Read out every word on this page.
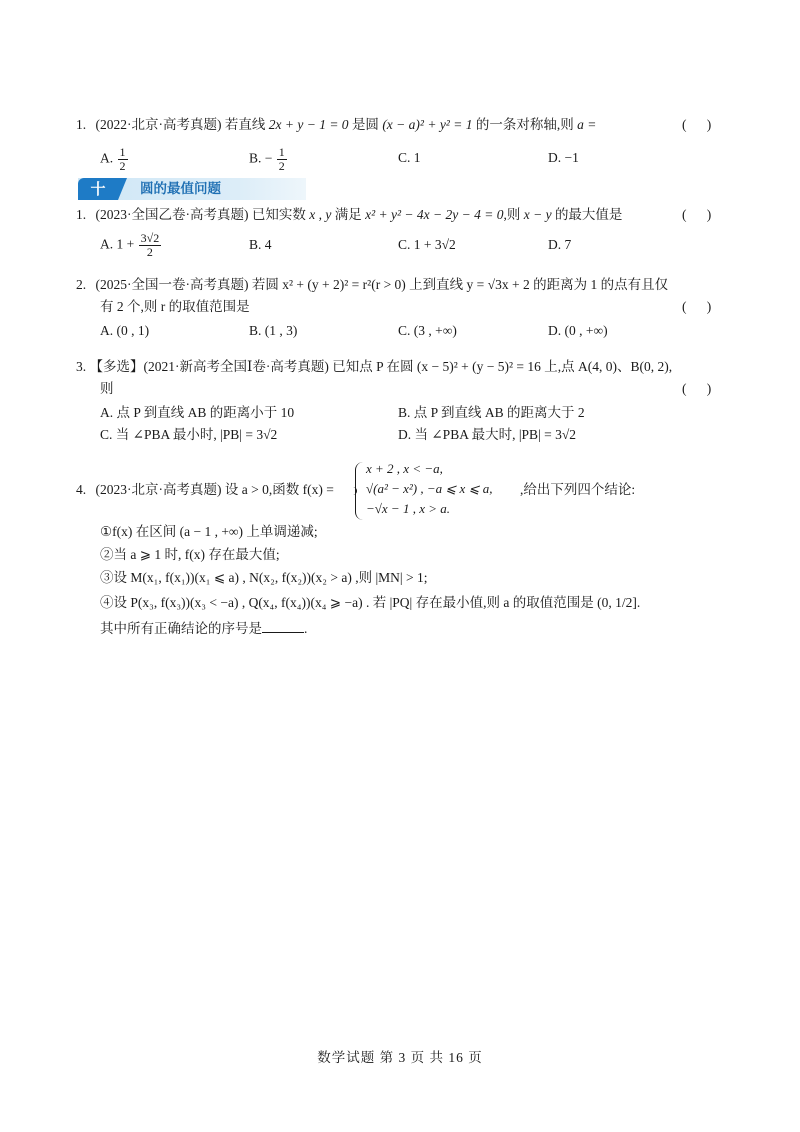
1. (2022·北京·高考真题) 若直线 2x + y − 1 = 0 是圆 (x − a)² + y² = 1 的一条对称轴,则 a =	(      )
A. $\frac{1}{2}$	B. − $\frac{1}{2}$	C. 1	D. −1
十	圆的最值问题
1. (2023·全国乙卷·高考真题) 已知实数 x , y 满足 x² + y² − 4x − 2y − 4 = 0,则 x − y 的最大值是	(      )
A. $1 + \frac{3√2}{2}$	B. 4	C. 1 + 3√2	D. 7
2. (2025·全国一卷·高考真题) 若圆 x² + (y + 2)² = r²(r > 0) 上到直线 y = √3x + 2 的距离为 1 的点有且仅
有 2 个,则 r 的取值范围是	(      )
A. (0 , 1)	B. (1 , 3)	C. (3 , +∞)	D. (0 , +∞)
3. 【多选】(2021·新高考全国Ⅰ卷·高考真题) 已知点 P 在圆 (x − 5)² + (y − 5)² = 16 上,点 A(4, 0)、B(0, 2),
则	(      )
A. 点 P 到直线 AB 的距离小于 10	B. 点 P 到直线 AB 的距离大于 2
C. 当 ∠PBA 最小时, |PB| = 3√2	D. 当 ∠PBA 最大时, |PB| = 3√2
4. (2023·北京·高考真题) 设 a > 0,函数 f(x) =
x + 2 , x < −a,
√(a² − x²) , −a ⩽ x ⩽ a,
−√x − 1 , x > a.
,给出下列四个结论:
①f(x) 在区间 (a − 1 , +∞) 上单调递减;
②当 a ⩾ 1 时, f(x) 存在最大值;
③设 M(x₁, f(x₁))(x₁ ⩽ a) , N(x₂, f(x₂))(x₂ > a) ,则 |MN| > 1;
④设 P(x₃, f(x₃))(x₃ < −a) , Q(x₄, f(x₄))(x₄ ⩾ −a) . 若 |PQ| 存在最小值,则 a 的取值范围是 (0, 1/2].
其中所有正确结论的序号是	.
数学试题 第 3 页 共 16 页
